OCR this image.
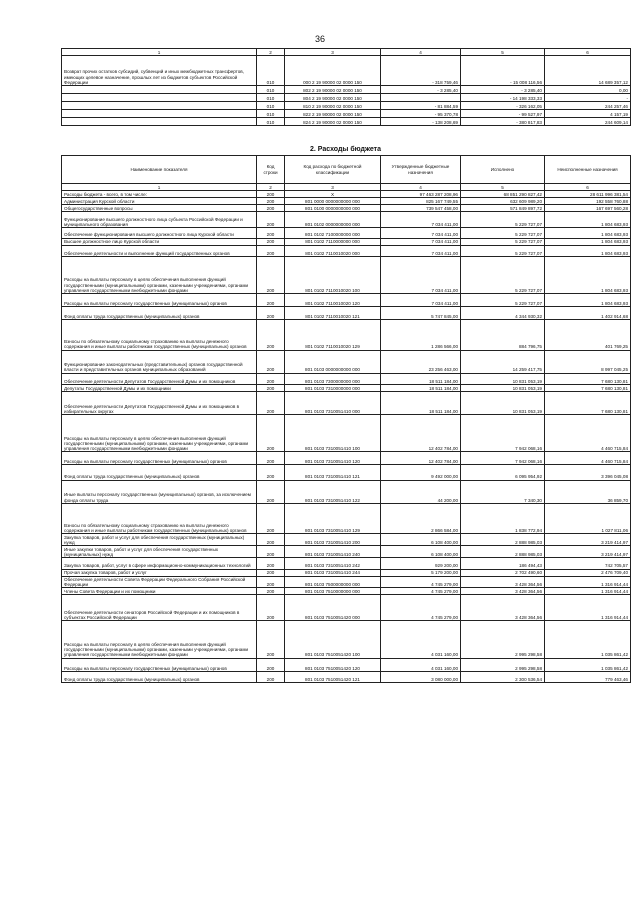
36
1	2	3	4	5	6
Возврат прочих остатков субсидий, субвенций и иных межбюджетных трансфертов, имеющих целевое назначение, прошлых лет из бюджетов субъектов Российской Федерации	010	000 2 19 90000 02 0000 150	- 318 759,46	- 15 008 116,56	14 689 357,12
	010	802 2 19 90000 02 0000 150	- 3 285,40	- 3 285,40	0,00
	010	804 2 19 90000 02 0000 150		- 14 198 333,33	-
	010	810 2 19 90000 02 0000 150	- 81 884,59	- 326 162,05	244 257,46
	010	822 2 19 90000 02 0000 150	- 95 370,78	- 99 527,97	4 157,19
	010	824 2 19 90000 02 0000 150	- 138 208,69	- 380 817,83	244 609,14
2. Расходы бюджета
Наименование показателя	Код строки	Код расхода по бюджетной классификации	Утвержденные бюджетные назначения	Исполнено	Неисполненные назначения
1	2	3	4	5	6
Расходы бюджета - всего, в том числе:	200	X	97 463 287 208,96	68 851 290 827,42	28 611 996 381,54
Администрация Курской области	200	801 0000 0000000000 000	825 167 749,55	632 609 989,20	192 558 760,88
Общегосударственные вопросы	200	801 0100 0000000000 000	739 547 458,00	571 849 897,72	167 697 560,28
Функционирование высшего должностного лица субъекта Российской Федерации и муниципального образования	200	801 0102 0000000000 000	7 034 411,00	5 229 727,07	1 804 683,93
Обеспечение функционирования высшего должностного лица Курской области	200	801 0102 7100000000 000	7 034 411,00	5 229 727,07	1 804 683,93
Высшее должностное лицо Курской области	200	801 0102 7110000000 000	7 034 411,00	5 229 727,07	1 804 683,93
Обеспечение деятельности и выполнение функций государственных органов	200	801 0102 7110010020 000	7 034 411,00	5 229 727,07	1 804 683,93
Расходы на выплаты персоналу в целях обеспечения выполнения функций государственными (муниципальными) органами, казенными учреждениями, органами управления государственными внебюджетными фондами	200	801 0102 7110010020 100	7 034 411,00	5 229 727,07	1 804 683,93
Расходы на выплаты персоналу государственных (муниципальных) органов	200	801 0102 7110010020 120	7 034 411,00	5 229 727,07	1 804 683,93
Фонд оплаты труда государственных (муниципальных) органов	200	801 0102 7110010020 121	5 747 845,00	4 344 930,32	1 402 914,68
Взносы по обязательному социальному страхованию на выплаты денежного содержания и иные выплаты работникам государственных (муниципальных) органов	200	801 0102 7110010020 129	1 286 566,00	884 796,75	401 769,25
Функционирование законодательных (представительных) органов государственной власти и представительных органов муниципальных образований	200	801 0103 0000000000 000	23 256 463,00	14 259 417,75	8 997 045,25
Обеспечение деятельности Депутатов Государственной Думы и их помощников	200	801 0103 7300000000 000	18 511 184,00	10 831 053,19	7 680 130,81
Депутаты Государственной Думы и их помощники	200	801 0103 7310000000 000	18 511 184,00	10 831 053,19	7 680 130,81
Обеспечение деятельности Депутатов Государственной Думы и их помощников в избирательных округах	200	801 0103 7310051410 000	18 511 184,00	10 831 053,19	7 680 130,81
Расходы на выплаты персоналу в целях обеспечения выполнения функций государственными (муниципальными) органами, казенными учреждениями, органами управления государственными внебюджетными фондами	200	801 0103 7310051410 100	12 402 784,00	7 942 068,16	4 460 715,84
Расходы на выплаты персоналу государственных (муниципальных) органов	200	801 0103 7310051410 120	12 402 784,00	7 942 068,16	4 460 715,84
Фонд оплаты труда государственных (муниципальных) органов	200	801 0103 7310051410 121	9 492 000,00	6 095 954,92	3 396 045,08
Иные выплаты персоналу государственных (муниципальных) органов, за исключением фонда оплаты труда	200	801 0103 7310051410 122	44 200,00	7 340,30	36 859,70
Взносы по обязательному социальному страхованию на выплаты денежного содержания и иные выплаты работникам государственных (муниципальных) органов	200	801 0103 7310051410 129	2 866 584,00	1 838 772,94	1 027 811,06
Закупка товаров, работ и услуг для обеспечения государственных (муниципальных) нужд	200	801 0103 7310051410 200	6 108 400,00	2 888 985,03	3 219 414,97
Иные закупки товаров, работ и услуг для обеспечения государственных (муниципальных) нужд	200	801 0103 7310051410 240	6 108 400,00	2 888 985,03	3 219 414,97
Закупка товаров, работ, услуг в сфере информационно-коммуникационных технологий	200	801 0103 7310051410 242	929 200,00	186 494,43	742 705,57
Прочая закупка товаров, работ и услуг	200	801 0103 7310051410 244	5 179 200,00	2 702 490,60	2 476 709,40
Обеспечение деятельности Совета Федерации Федерального Собрания Российской Федерации	200	801 0103 7500000000 000	4 745 279,00	3 428 364,56	1 316 914,44
Члены Совета Федерации и их помощники	200	801 0103 7510000000 000	4 745 279,00	3 428 364,56	1 316 914,44
Обеспечение деятельности сенаторов Российской Федерации и их помощников в субъектах Российской Федерации	200	801 0103 7510051420 000	4 745 279,00	3 428 364,56	1 316 914,44
Расходы на выплаты персоналу в целях обеспечения выполнения функций государственными (муниципальными) органами, казенными учреждениями, органами управления государственными внебюджетными фондами	200	801 0103 7510051420 100	4 031 160,00	2 995 298,58	1 035 861,42
Расходы на выплаты персоналу государственных (муниципальных) органов	200	801 0103 7510051420 120	4 031 160,00	2 995 298,58	1 035 861,42
Фонд оплаты труда государственных (муниципальных) органов	200	801 0103 7510051420 121	3 080 000,00	2 300 536,54	779 463,46
